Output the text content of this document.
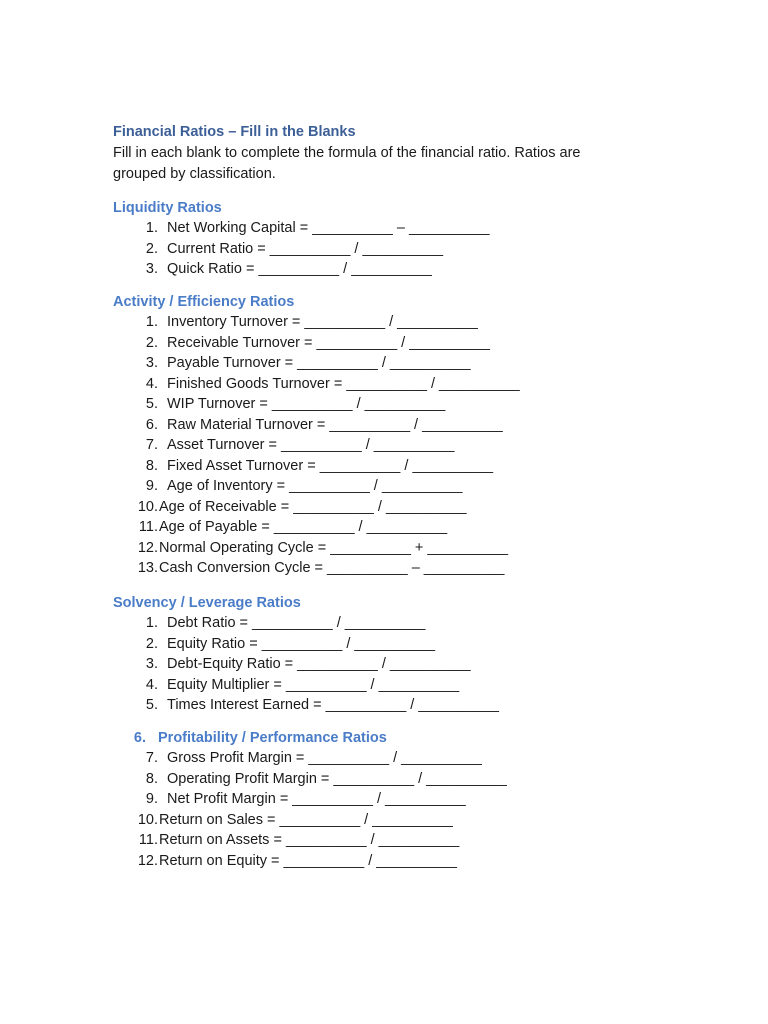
Financial Ratios – Fill in the Blanks
Fill in each blank to complete the formula of the financial ratio. Ratios are
grouped by classification.
Liquidity Ratios
1. Net Working Capital = __________ – __________
2. Current Ratio = __________ / __________
3. Quick Ratio = __________ / __________
Activity / Efficiency Ratios
1. Inventory Turnover = __________ / __________
2. Receivable Turnover = __________ / __________
3. Payable Turnover = __________ / __________
4. Finished Goods Turnover = __________ / __________
5. WIP Turnover = __________ / __________
6. Raw Material Turnover = __________ / __________
7. Asset Turnover = __________ / __________
8. Fixed Asset Turnover = __________ / __________
9. Age of Inventory = __________ / __________
10. Age of Receivable = __________ / __________
11. Age of Payable = __________ / __________
12. Normal Operating Cycle = __________ + __________
13. Cash Conversion Cycle = __________ – __________
Solvency / Leverage Ratios
1. Debt Ratio = __________ / __________
2. Equity Ratio = __________ / __________
3. Debt-Equity Ratio = __________ / __________
4. Equity Multiplier = __________ / __________
5. Times Interest Earned = __________ / __________
6. Profitability / Performance Ratios
7. Gross Profit Margin = __________ / __________
8. Operating Profit Margin = __________ / __________
9. Net Profit Margin = __________ / __________
10. Return on Sales = __________ / __________
11. Return on Assets = __________ / __________
12. Return on Equity = __________ / __________
